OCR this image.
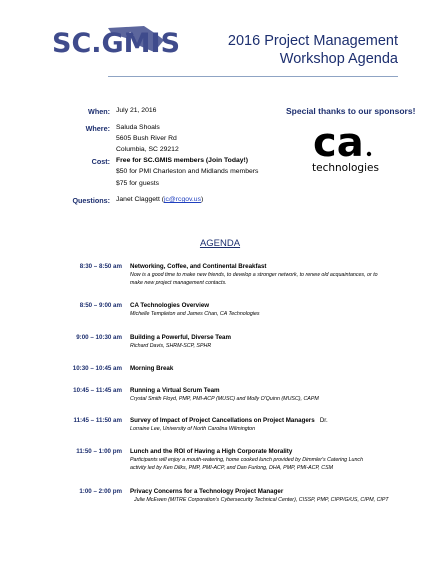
SC.GMIS	2016 Project Management
Workshop Agenda
When: July 21, 2016
Where: Saluda Shoals
5605 Bush River Rd
Columbia, SC 29212
Cost: Free for SC.GMIS members (Join Today!)
$50 for PMI Charleston and Midlands members
$75 for guests
Questions: Janet Claggett (jc@rcgov.us)
Special thanks to our sponsors!
ca
technologies
AGENDA
8:30 – 8:50 am Networking, Coffee, and Continental Breakfast
Now is a good time to make new friends, to develop a stronger network, to renew old acquaintances, or to
make new project management contacts.
8:50 – 9:00 am CA Technologies Overview
Michelle Templeton and James Chan, CA Technologies
9:00 – 10:30 am Building a Powerful, Diverse Team
Richard Davis, SHRM-SCP, SPHR
10:30 – 10:45 am Morning Break
10:45 – 11:45 am Running a Virtual Scrum Team
Crystal Smith Floyd, PMP, PMI-ACP (MUSC) and Molly O'Quinn (MUSC), CAPM
11:45 – 11:50 am Survey of Impact of Project Cancellations on Project Managers Dr.
Lorraine Lee, University of North Carolina Wilmington
11:50 – 1:00 pm Lunch and the ROI of Having a High Corporate Morality
Participants will enjoy a mouth-watering, home cooked lunch provided by Dimmler's Catering Lunch
activity led by Ken Dilks, PMP, PMI-ACP, and Dan Furlong, DHA, PMP, PMI-ACP, CSM
1:00 – 2:00 pm Privacy Concerns for a Technology Project Manager
Julie McEwen (MITRE Corporation's Cybersecurity Technical Center), CISSP, PMP, CIPP/G/US, CIPM, CIPT
